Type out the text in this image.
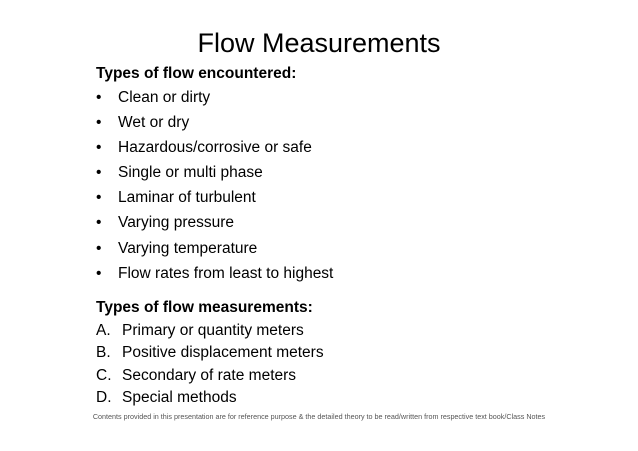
Flow Measurements
Types of flow encountered:
• Clean or dirty
• Wet or dry
• Hazardous/corrosive or safe
• Single or multi phase
• Laminar of turbulent
• Varying pressure
• Varying temperature
• Flow rates from least to highest
Types of flow measurements:
A. Primary or quantity meters
B. Positive displacement meters
C. Secondary of rate meters
D. Special methods
Contents provided in this presentation are for reference purpose & the detailed theory to be read/written from respective text book/Class Notes
